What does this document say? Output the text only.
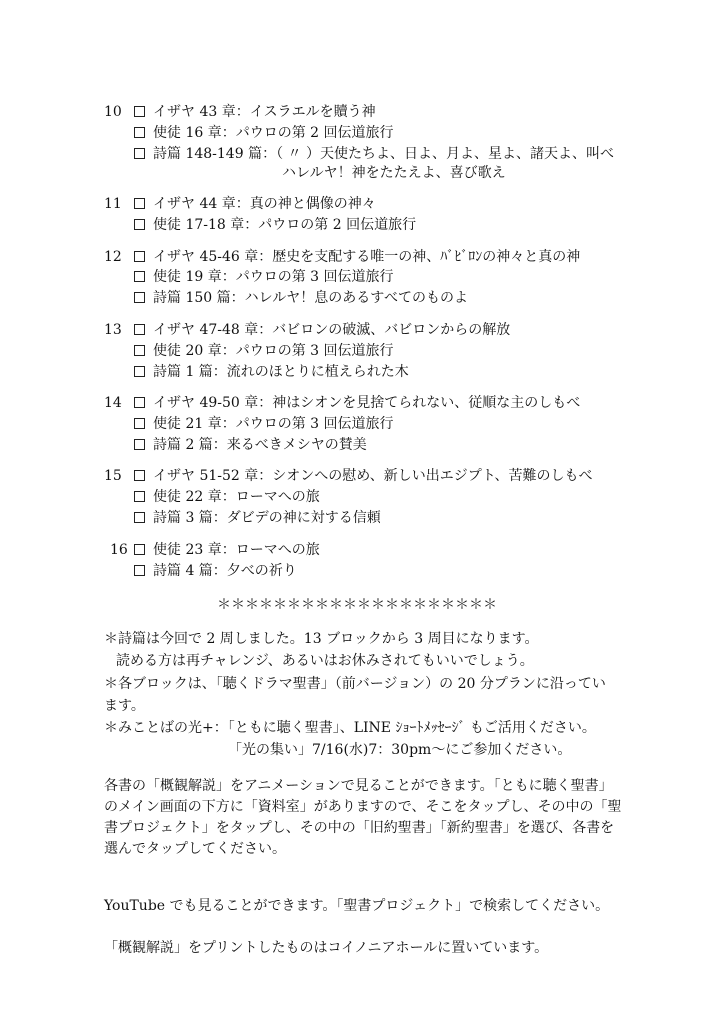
10	イザヤ 43 章：イスラエルを贖う神
使徒 16 章：パウロの第 2 回伝道旅行
詩篇 148-149 篇：（ 〃 ）天使たちよ、日よ、月よ、星よ、諸天よ、叫べ
ハレルヤ！神をたたえよ、喜び歌え
11	イザヤ 44 章：真の神と偶像の神々
使徒 17-18 章：パウロの第 2 回伝道旅行
12	イザヤ 45-46 章：歴史を支配する唯一の神、ﾊﾞﾋﾞﾛﾝの神々と真の神
使徒 19 章：パウロの第 3 回伝道旅行
詩篇 150 篇：ハレルヤ！息のあるすべてのものよ
13	イザヤ 47-48 章：バビロンの破滅、バビロンからの解放
使徒 20 章：パウロの第 3 回伝道旅行
詩篇 1 篇：流れのほとりに植えられた木
14	イザヤ 49-50 章：神はシオンを見捨てられない、従順な主のしもべ
使徒 21 章：パウロの第 3 回伝道旅行
詩篇 2 篇：来るべきメシヤの賛美
15	イザヤ 51-52 章：シオンへの慰め、新しい出エジプト、苦難のしもべ
使徒 22 章：ローマへの旅
詩篇 3 篇：ダビデの神に対する信頼
16	使徒 23 章：ローマへの旅
詩篇 4 篇：夕べの祈り
＊＊＊＊＊＊＊＊＊＊＊＊＊＊＊＊＊＊＊＊
＊詩篇は今回で 2 周しました。13 ブロックから 3 周目になります。
読める方は再チャレンジ、あるいはお休みされてもいいでしょう。
＊各ブロックは、「聴くドラマ聖書」（前バージョン）の 20 分プランに沿ってい
ます。
＊みことばの光+：「ともに聴く聖書」、LINE ｼｮｰﾄﾒｯｾｰｼﾞ もご活用ください。
「光の集い」7/16(水)7：30pm～にご参加ください。
各書の「概観解説」をアニメーションで見ることができます。「ともに聴く聖書」のメイン画面の下方に「資料室」がありますので、そこをタップし、その中の「聖書プロジェクト」をタップし、その中の「旧約聖書」「新約聖書」を選び、各書を選んでタップしてください。
YouTube でも見ることができます。「聖書プロジェクト」で検索してください。
「概観解説」をプリントしたものはコイノニアホールに置いています。
